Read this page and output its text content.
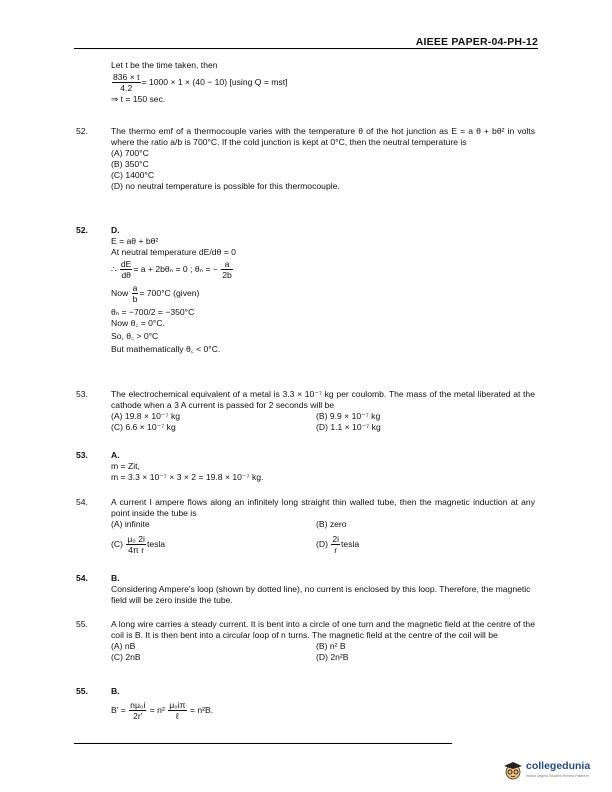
AIEEE PAPER-04-PH-12
Let t be the time taken, then
$\frac{836 \times t}{4.2} = 1000 \times 1 \times (40 - 10)$ [using Q = mst]
⇒ t = 150 sec.
52.	The thermo emf of a thermocouple varies with the temperature θ of the hot junction as E = a θ + bθ² in volts where the ratio a/b is 700°C. If the cold junction is kept at 0°C, then the neutral temperature is
(A) 700°C
(B) 350°C
(C) 1400°C
(D) no neutral temperature is possible for this thermocouple.
52.	D.
E = aθ + bθ²
At neutral temperature dE/dθ = 0
∴ $\frac{dE}{d\theta} = a + 2b\theta_n = 0$ ; θₙ = − $\frac{a}{2b}$
Now $\frac{a}{b} = 700^\circ C$ (given)
θₙ = −700/2 = −350°C
Now θ꜀ = 0°C.
So, θ꜀ > 0°C
But mathematically θ꜀ < 0°C.
53.	The electrochemical equivalent of a metal is 3.3 × 10⁻⁷ kg per coulomb. The mass of the metal liberated at the cathode when a 3 A current is passed for 2 seconds will be
(A) 19.8 × 10⁻⁷ kg	(B) 9.9 × 10⁻⁷ kg
(C) 6.6 × 10⁻⁷ kg	(D) 1.1 × 10⁻⁷ kg
53.	A.
m = Zit,
m = 3.3 × 10⁻⁷ × 3 × 2 = 19.8 × 10⁻⁷ kg.
54.	A current I ampere flows along an infinitely long straight thin walled tube, then the magnetic induction at any point inside the tube is
(A) infinite	(B) zero
$(C) \frac{\text{μ₀ 2i}}{\text{4π r}}$ tesla	$(D) \frac{2i}{r}$ tesla
54.	B.
Considering Ampere's loop (shown by dotted line), no current is enclosed by this loop. Therefore, the magnetic field will be zero inside the tube.
55.	A long wire carries a steady current. It is bent into a circle of one turn and the magnetic field at the centre of the coil is B. It is then bent into a circular loop of n turns. The magnetic field at the centre of the coil will be
(A) nB	(B) n² B
(C) 2nB	(D) 2n²B
55.	B.
$B' = \frac{\text{nμ₀i}}{2r'} = n^2 \frac{\text{μ₀iπ}}{\text{ℓ}} = n^2B$.
collegedunia
India's largest Student Review Platform
